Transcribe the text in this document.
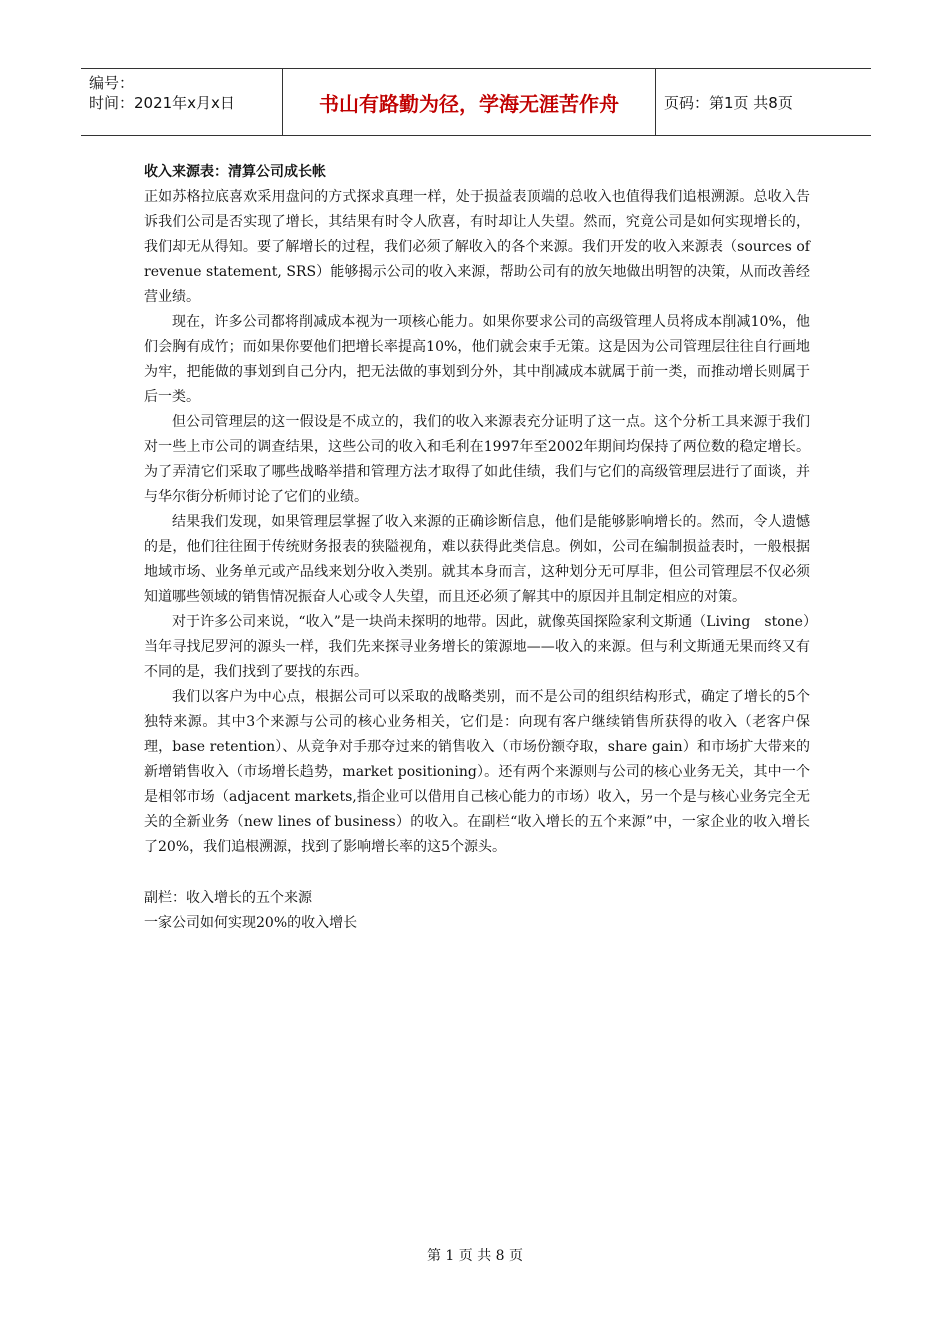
编号：
时间：2021年x月x日	书山有路勤为径，学海无涯苦作舟	页码：第1页 共8页
收入来源表：清算公司成长帐

正如苏格拉底喜欢采用盘问的方式探求真理一样，处于损益表顶端的总收入也值得我们追根溯源。总收入告诉我们公司是否实现了增长，其结果有时令人欣喜，有时却让人失望。然而，究竟公司是如何实现增长的，我们却无从得知。要了解增长的过程，我们必须了解收入的各个来源。我们开发的收入来源表（sources of revenue statement, SRS）能够揭示公司的收入来源，帮助公司有的放矢地做出明智的决策，从而改善经营业绩。

现在，许多公司都将削减成本视为一项核心能力。如果你要求公司的高级管理人员将成本削减10%，他们会胸有成竹；而如果你要他们把增长率提高10%，他们就会束手无策。这是因为公司管理层往往自行画地为牢，把能做的事划到自己分内，把无法做的事划到分外，其中削减成本就属于前一类，而推动增长则属于后一类。

但公司管理层的这一假设是不成立的，我们的收入来源表充分证明了这一点。这个分析工具来源于我们对一些上市公司的调查结果，这些公司的收入和毛利在1997年至2002年期间均保持了两位数的稳定增长。为了弄清它们采取了哪些战略举措和管理方法才取得了如此佳绩，我们与它们的高级管理层进行了面谈，并与华尔街分析师讨论了它们的业绩。

结果我们发现，如果管理层掌握了收入来源的正确诊断信息，他们是能够影响增长的。然而，令人遗憾的是，他们往往囿于传统财务报表的狭隘视角，难以获得此类信息。例如，公司在编制损益表时，一般根据地域市场、业务单元或产品线来划分收入类别。就其本身而言，这种划分无可厚非，但公司管理层不仅必须知道哪些领域的销售情况振奋人心或令人失望，而且还必须了解其中的原因并且制定相应的对策。

对于许多公司来说，“收入”是一块尚未探明的地带。因此，就像英国探险家利文斯通（Living　stone）当年寻找尼罗河的源头一样，我们先来探寻业务增长的策源地——收入的来源。但与利文斯通无果而终又有不同的是，我们找到了要找的东西。

我们以客户为中心点，根据公司可以采取的战略类别，而不是公司的组织结构形式，确定了增长的5个独特来源。其中3个来源与公司的核心业务相关，它们是：向现有客户继续销售所获得的收入（老客户保理，base retention）、从竞争对手那夺过来的销售收入（市场份额夺取，share gain）和市场扩大带来的新增销售收入（市场增长趋势，market positioning）。还有两个来源则与公司的核心业务无关，其中一个是相邻市场（adjacent markets,指企业可以借用自己核心能力的市场）收入，另一个是与核心业务完全无关的全新业务（new lines of business）的收入。在副栏“收入增长的五个来源”中，一家企业的收入增长了20%，我们追根溯源，找到了影响增长率的这5个源头。

副栏：收入增长的五个来源
一家公司如何实现20%的收入增长
第 1 页 共 8 页
